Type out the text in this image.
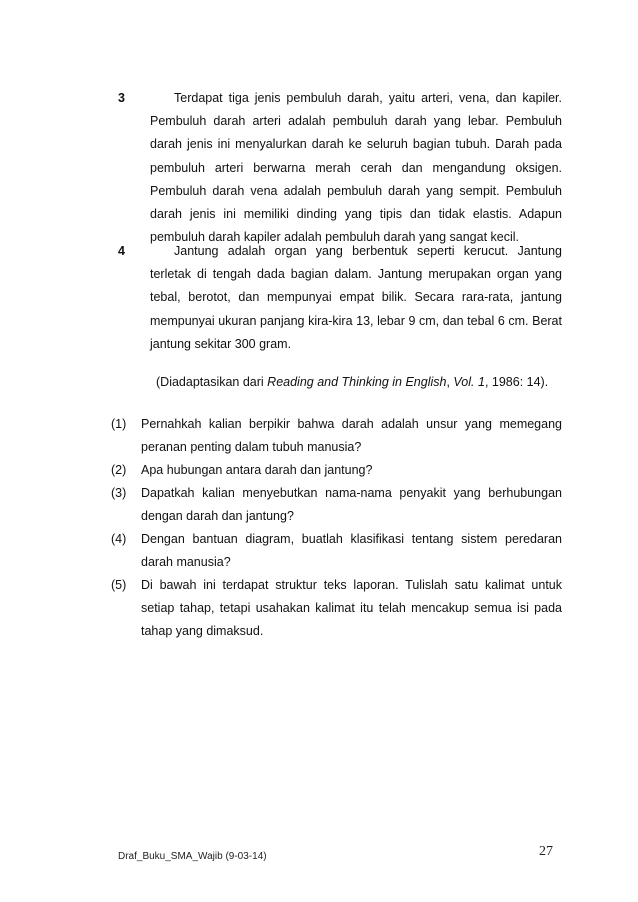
3	Terdapat tiga jenis pembuluh darah, yaitu arteri, vena, dan kapiler. Pembuluh darah arteri adalah pembuluh darah yang lebar. Pembuluh darah jenis ini menyalurkan darah ke seluruh bagian tubuh. Darah pada pembuluh arteri berwarna merah cerah dan mengandung oksigen. Pembuluh darah vena adalah pembuluh darah yang sempit. Pembuluh darah jenis ini memiliki dinding yang tipis dan tidak elastis. Adapun pembuluh darah kapiler adalah pembuluh darah yang sangat kecil.
4	Jantung adalah organ yang berbentuk seperti kerucut. Jantung terletak di tengah dada bagian dalam. Jantung merupakan organ yang tebal, berotot, dan mempunyai empat bilik. Secara rara-rata, jantung mempunyai ukuran panjang kira-kira 13, lebar 9 cm, dan tebal 6 cm. Berat jantung sekitar 300 gram.
(Diadaptasikan dari Reading and Thinking in English, Vol. 1, 1986: 14).
(1)	Pernahkah kalian berpikir bahwa darah adalah unsur yang memegang peranan penting dalam tubuh manusia?
(2)	Apa hubungan antara darah dan jantung?
(3)	Dapatkah kalian menyebutkan nama-nama penyakit yang berhubungan dengan darah dan jantung?
(4)	Dengan bantuan diagram, buatlah klasifikasi tentang sistem peredaran darah manusia?
(5)	Di bawah ini terdapat struktur teks laporan. Tulislah satu kalimat untuk setiap tahap, tetapi usahakan kalimat itu telah mencakup semua isi pada tahap yang dimaksud.
Draf_Buku_SMA_Wajib (9-03-14)	27
